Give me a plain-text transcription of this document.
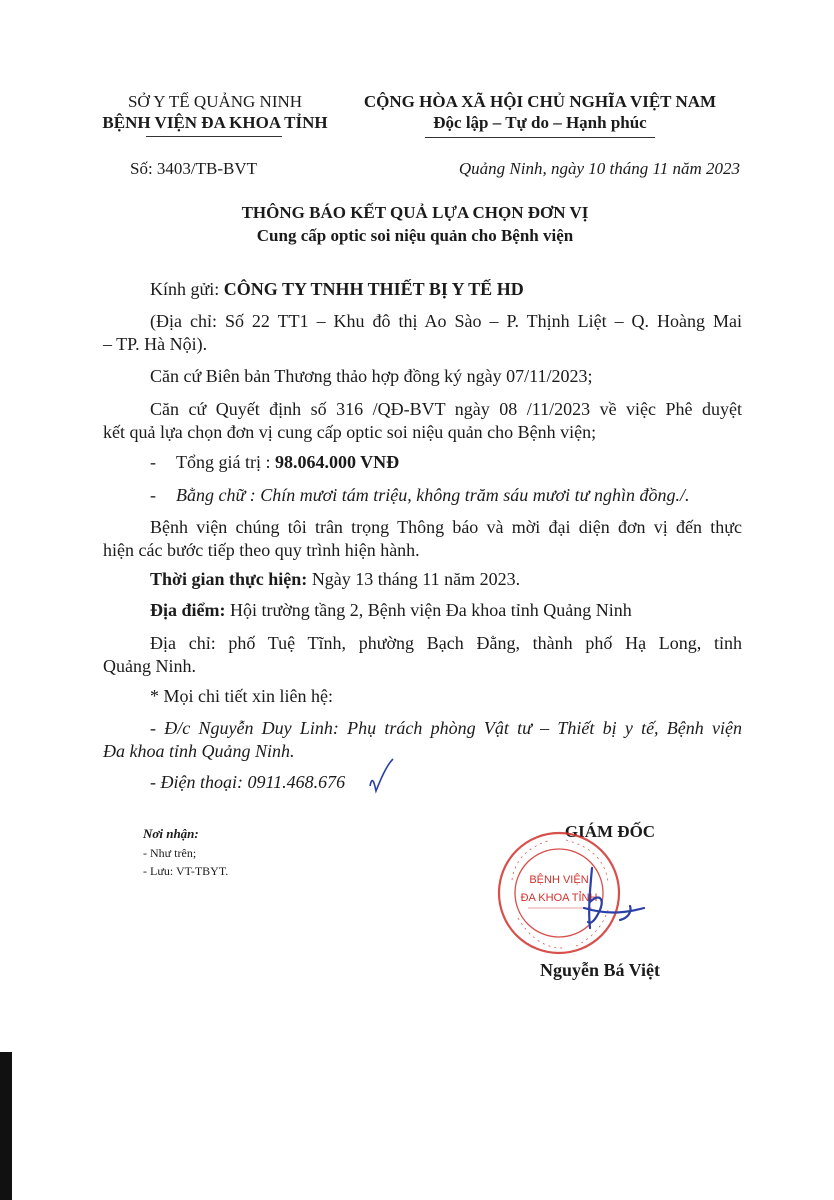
SỞ Y TẾ QUẢNG NINH
BỆNH VIỆN ĐA KHOA TỈNH
CỘNG HÒA XÃ HỘI CHỦ NGHĨA VIỆT NAM
Độc lập – Tự do – Hạnh phúc
Số: 3403/TB-BVT	Quảng Ninh, ngày 10 tháng 11 năm 2023
THÔNG BÁO KẾT QUẢ LỰA CHỌN ĐƠN VỊ
Cung cấp optic soi niệu quản cho Bệnh viện
Kính gửi: CÔNG TY TNHH THIẾT BỊ Y TẾ HD
(Địa chỉ: Số 22 TT1 – Khu đô thị Ao Sào – P. Thịnh Liệt – Q. Hoàng Mai
– TP. Hà Nội).
Căn cứ Biên bản Thương thảo hợp đồng ký ngày 07/11/2023;
Căn cứ Quyết định số 316 /QĐ-BVT ngày 08 /11/2023 về việc Phê duyệt
kết quả lựa chọn đơn vị cung cấp optic soi niệu quản cho Bệnh viện;
- Tổng giá trị : 98.064.000 VNĐ
- Bằng chữ : Chín mươi tám triệu, không trăm sáu mươi tư nghìn đồng./.
Bệnh viện chúng tôi trân trọng Thông báo và mời đại diện đơn vị đến thực
hiện các bước tiếp theo quy trình hiện hành.
Thời gian thực hiện: Ngày 13 tháng 11 năm 2023.
Địa điểm: Hội trường tầng 2, Bệnh viện Đa khoa tỉnh Quảng Ninh
Địa chỉ: phố Tuệ Tĩnh, phường Bạch Đằng, thành phố Hạ Long, tỉnh
Quảng Ninh.
* Mọi chi tiết xin liên hệ:
- Đ/c Nguyễn Duy Linh: Phụ trách phòng Vật tư – Thiết bị y tế, Bệnh viện
Đa khoa tỉnh Quảng Ninh.
- Điện thoại: 0911.468.676
Nơi nhận:
- Như trên;
- Lưu: VT-TBYT.
GIÁM ĐỐC
BỆNH VIỆN
ĐA KHOA TỈNH
Nguyễn Bá Việt
